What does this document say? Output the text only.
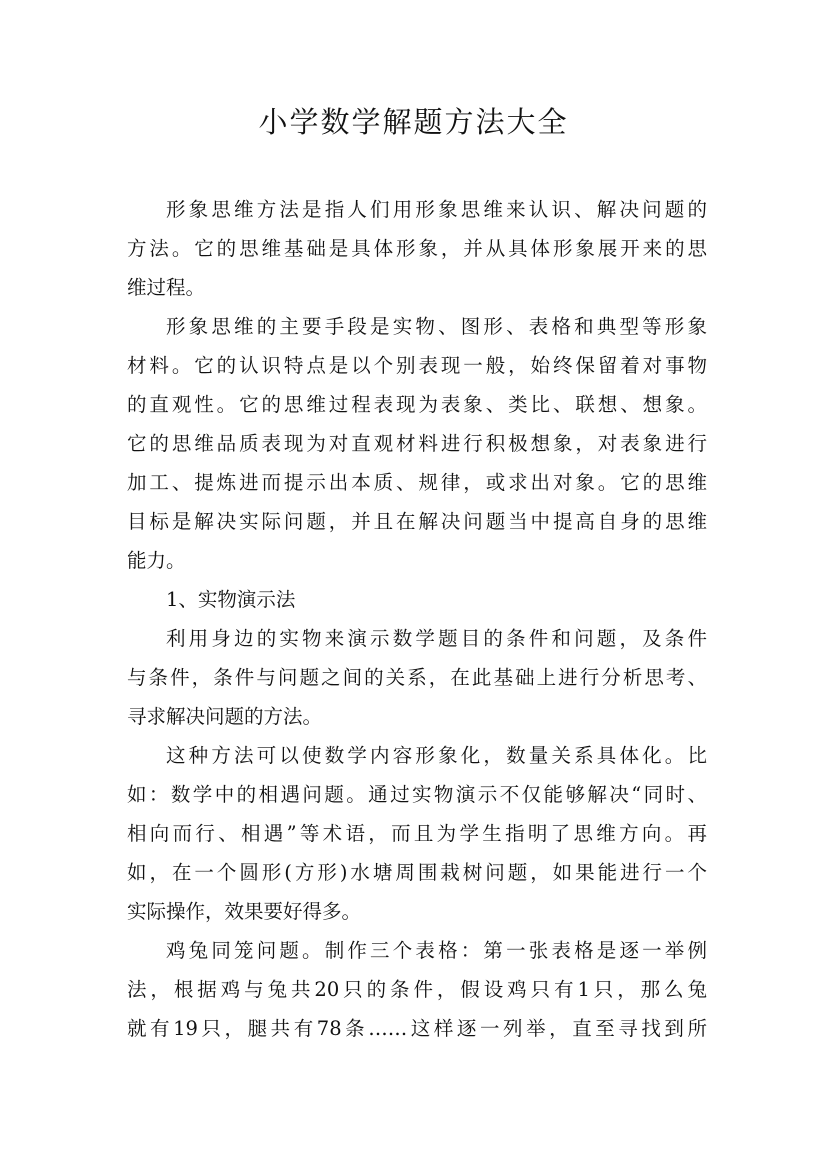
小学数学解题方法大全
形象思维方法是指人们用形象思维来认识、解决问题的
方法。它的思维基础是具体形象，并从具体形象展开来的思
维过程。
形象思维的主要手段是实物、图形、表格和典型等形象
材料。它的认识特点是以个别表现一般，始终保留着对事物
的直观性。它的思维过程表现为表象、类比、联想、想象。
它的思维品质表现为对直观材料进行积极想象，对表象进行
加工、提炼进而提示出本质、规律，或求出对象。它的思维
目标是解决实际问题，并且在解决问题当中提高自身的思维
能力。
1、实物演示法
利用身边的实物来演示数学题目的条件和问题，及条件
与条件，条件与问题之间的关系，在此基础上进行分析思考、
寻求解决问题的方法。
这种方法可以使数学内容形象化，数量关系具体化。比
如：数学中的相遇问题。通过实物演示不仅能够解决“同时、
相向而行、相遇”等术语，而且为学生指明了思维方向。再
如，在一个圆形(方形)水塘周围栽树问题，如果能进行一个
实际操作，效果要好得多。
鸡兔同笼问题。制作三个表格：第一张表格是逐一举例
法，根据鸡与兔共20只的条件，假设鸡只有1只，那么兔
就有19只，腿共有78条……这样逐一列举，直至寻找到所
